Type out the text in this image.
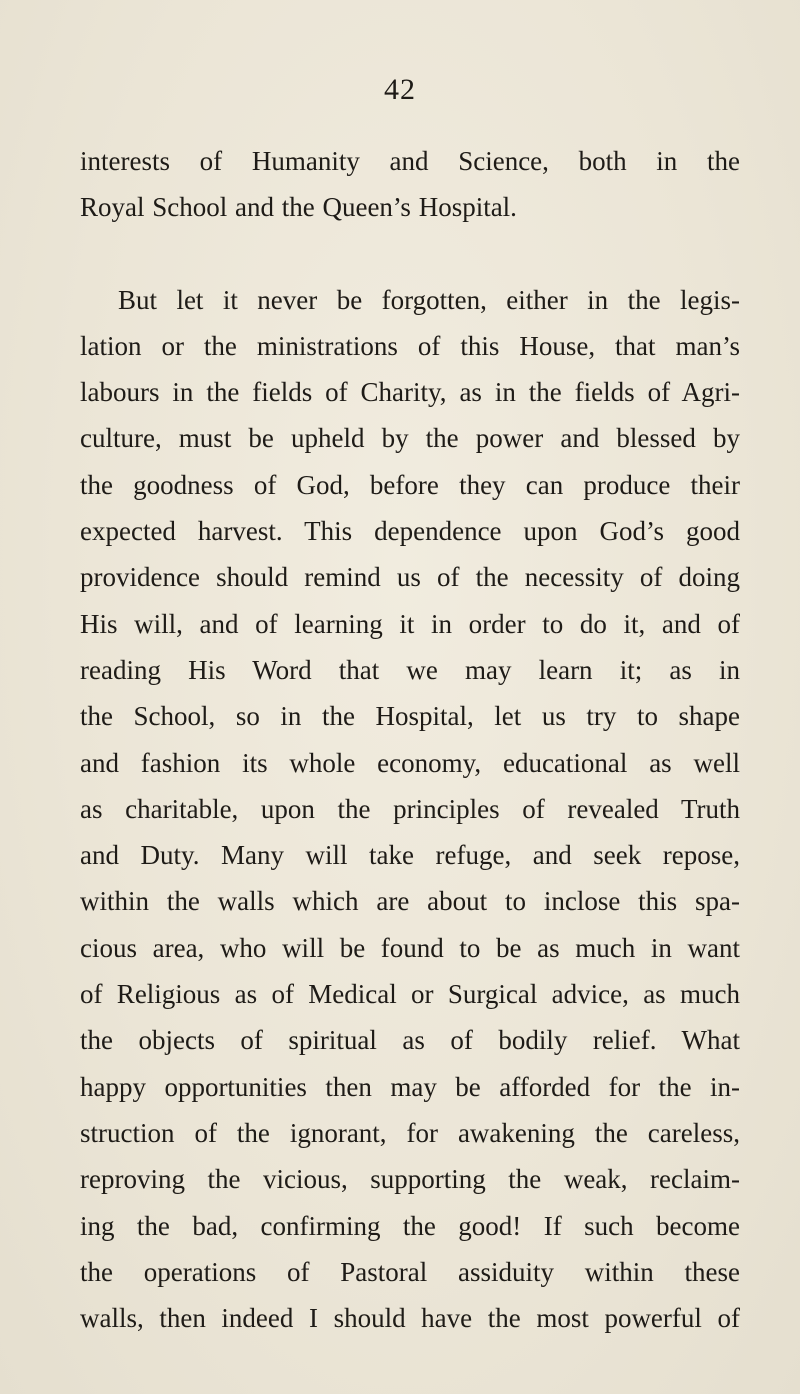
42
interests of Humanity and Science, both in the
Royal School and the Queen’s Hospital.
But let it never be forgotten, either in the legis-
lation or the ministrations of this House, that man’s
labours in the fields of Charity, as in the fields of Agri-
culture, must be upheld by the power and blessed by
the goodness of God, before they can produce their
expected harvest. This dependence upon God’s good
providence should remind us of the necessity of doing
His will, and of learning it in order to do it, and of
reading His Word that we may learn it; as in
the School, so in the Hospital, let us try to shape
and fashion its whole economy, educational as well
as charitable, upon the principles of revealed Truth
and Duty. Many will take refuge, and seek repose,
within the walls which are about to inclose this spa-
cious area, who will be found to be as much in want
of Religious as of Medical or Surgical advice, as much
the objects of spiritual as of bodily relief. What
happy opportunities then may be afforded for the in-
struction of the ignorant, for awakening the careless,
reproving the vicious, supporting the weak, reclaim-
ing the bad, confirming the good! If such become
the operations of Pastoral assiduity within these
walls, then indeed I should have the most powerful of
